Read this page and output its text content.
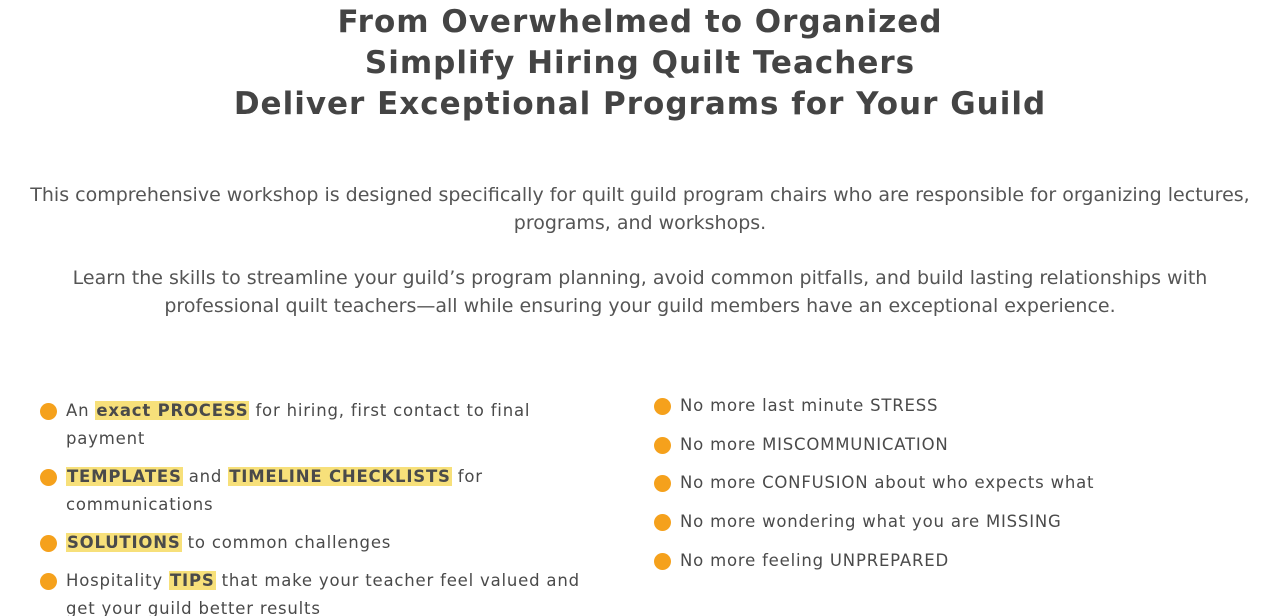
From Overwhelmed to Organized
Simplify Hiring Quilt Teachers
Deliver Exceptional Programs for Your Guild

This comprehensive workshop is designed specifically for quilt guild program chairs who are responsible for organizing lectures, programs, and workshops.

Learn the skills to streamline your guild’s program planning, avoid common pitfalls, and build lasting relationships with professional quilt teachers—all while ensuring your guild members have an exceptional experience.

An exact PROCESS for hiring, first contact to final payment
TEMPLATES and TIMELINE CHECKLISTS for communications
SOLUTIONS to common challenges
Hospitality TIPS that make your teacher feel valued and get your guild better results
No more last minute STRESS
No more MISCOMMUNICATION
No more CONFUSION about who expects what
No more wondering what you are MISSING
No more feeling UNPREPARED
